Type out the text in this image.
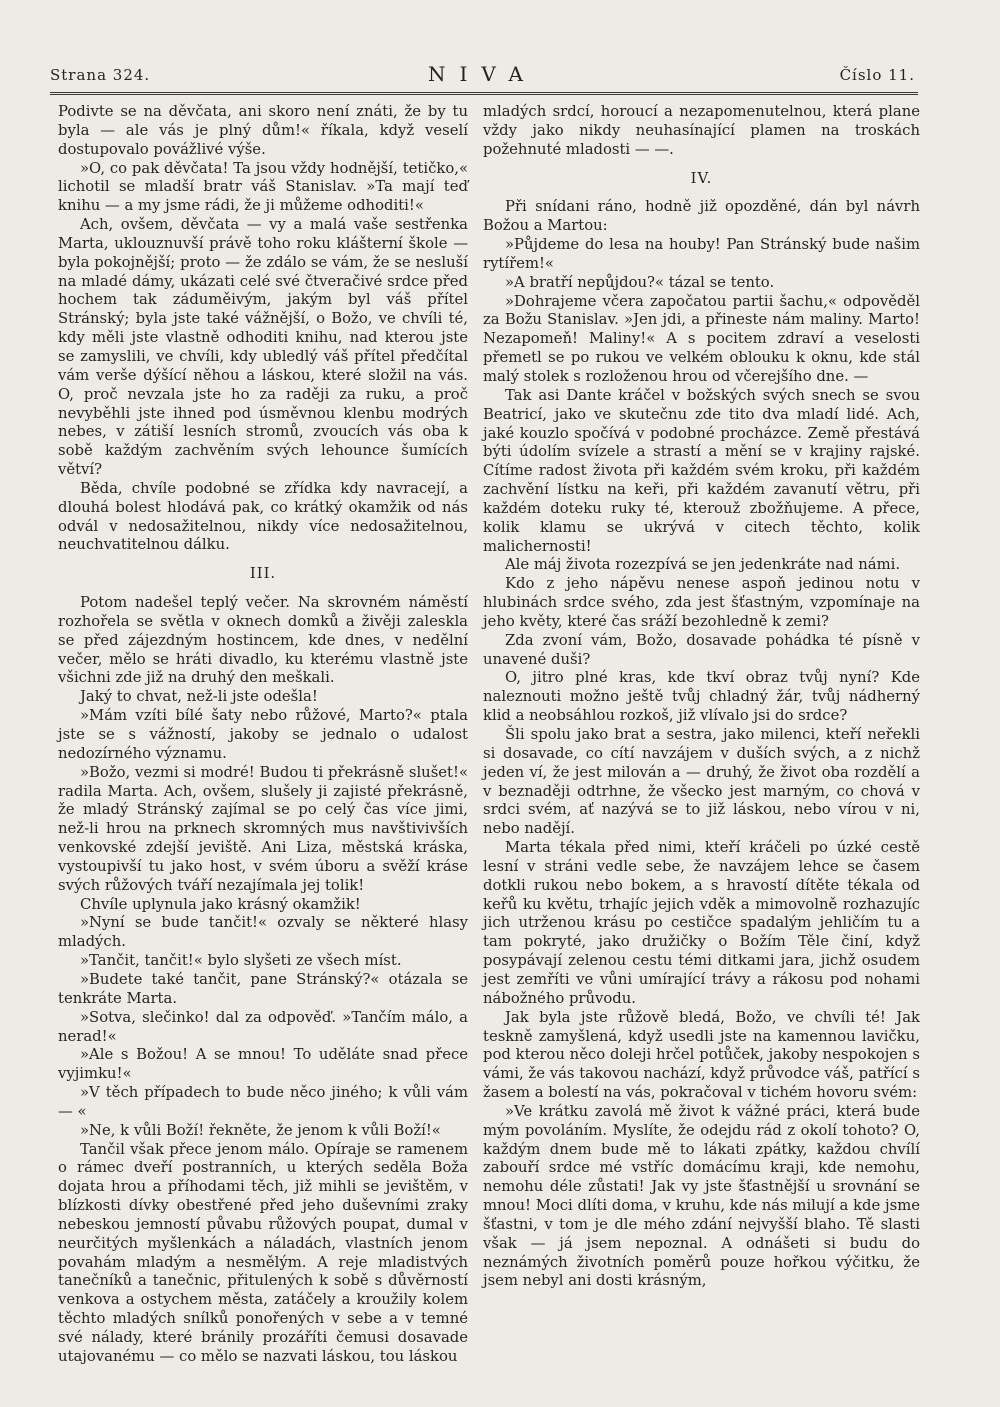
Strana 324.	NIVA	Číslo 11.

Podivte se na děvčata, ani skoro není znáti, že by tu byla — ale vás je plný dům!« říkala, když veselí dostupovalo povážlivé výše.

»O, co pak děvčata! Ta jsou vždy hodnější, tetičko,« lichotil se mladší bratr váš Stanislav. »Ta mají teď knihu — a my jsme rádi, že ji můžeme odhoditi!«

Ach, ovšem, děvčata — vy a malá vaše sestřenka Marta, uklouznuvší právě toho roku klášterní škole — byla pokojnější; proto — že zdálo se vám, že se nesluší na mladé dámy, ukázati celé své čtveračivé srdce před hochem tak záduměivým, jakým byl váš přítel Stránský; byla jste také vážnější, o Božo, ve chvíli té, kdy měli jste vlastně odhoditi knihu, nad kterou jste se zamyslili, ve chvíli, kdy ubledlý váš přítel předčítal vám verše dýšící něhou a láskou, které složil na vás. O, proč nevzala jste ho za raději za ruku, a proč nevyběhli jste ihned pod úsměvnou klenbu modrých nebes, v zátiší lesních stromů, zvoucích vás oba k sobě každým zachvěním svých lehounce šumících větví?

Běda, chvíle podobné se zřídka kdy navracejí, a dlouhá bolest hlodává pak, co krátký okamžik od nás odvál v nedosažitelnou, nikdy více nedosažitelnou, neuchvatitelnou dálku.

III.

Potom nadešel teplý večer. Na skrovném náměstí rozhořela se světla v oknech domků a živěji zaleskla se před zájezdným hostincem, kde dnes, v nedělní večer, mělo se hráti divadlo, ku kterému vlastně jste všichni zde již na druhý den meškali.

Jaký to chvat, než-li jste odešla!

»Mám vzíti bílé šaty nebo růžové, Marto?« ptala jste se s vážností, jakoby se jednalo o udalost nedozírného významu.

»Božo, vezmi si modré! Budou ti překrásně slušet!« radila Marta. Ach, ovšem, slušely ji zajisté překrásně, že mladý Stránský zajímal se po celý čas více jimi, než-li hrou na prknech skromných mus navštivivších venkovské zdejší jeviště. Ani Liza, městská kráska, vystoupivší tu jako host, v svém úboru a svěží kráse svých růžových tváří nezajímala jej tolik!

Chvíle uplynula jako krásný okamžik!

»Nyní se bude tančit!« ozvaly se některé hlasy mladých.

»Tančit, tančit!« bylo slyšeti ze všech míst.

»Budete také tančit, pane Stránský?« otázala se tenkráte Marta.

»Sotva, slečinko! dal za odpověď. »Tančím málo, a nerad!«

»Ale s Božou! A se mnou! To uděláte snad přece vyjimku!«

»V těch případech to bude něco jiného; k vůli vám — «

»Ne, k vůli Boží! řekněte, že jenom k vůli Boží!«

Tančil však přece jenom málo. Opíraje se ramenem o rámec dveří postranních, u kterých seděla Boža dojata hrou a příhodami těch, již mihli se jevištěm, v blízkosti dívky obestřené před jeho duševními zraky nebeskou jemností půvabu růžových poupat, dumal v neurčitých myšlenkách a náladách, vlastních jenom povahám mladým a nesmělým. A reje mladistvých tanečníků a tanečnic, přitulených k sobě s důvěrností venkova a ostychem města, zatáčely a kroužily kolem těchto mladých snílků ponořených v sebe a v temné své nálady, které bránily prozáříti čemusi dosavade utajovanému — co mělo se nazvati láskou, tou láskou

mladých srdcí, horoucí a nezapomenutelnou, která plane vždy jako nikdy neuhasínající plamen na troskách požehnuté mladosti — —.

IV.

Při snídani ráno, hodně již opozděné, dán byl návrh Božou a Martou:

»Půjdeme do lesa na houby! Pan Stránský bude našim rytířem!«

»A bratří nepůjdou?« tázal se tento.

»Dohrajeme včera započatou partii šachu,« odpověděl za Božu Stanislav. »Jen jdi, a přineste nám maliny. Marto! Nezapomeň! Maliny!« A s pocitem zdraví a veselosti přemetl se po rukou ve velkém oblouku k oknu, kde stál malý stolek s rozloženou hrou od včerejšího dne. —

Tak asi Dante kráčel v božských svých snech se svou Beatricí, jako ve skutečnu zde tito dva mladí lidé. Ach, jaké kouzlo spočívá v podobné procházce. Země přestává býti údolím svízele a strastí a mění se v krajiny rajské. Cítíme radost života při každém svém kroku, při každém zachvění lístku na keři, při každém zavanutí větru, při každém doteku ruky té, kterouž zbožňujeme. A přece, kolik klamu se ukrývá v citech těchto, kolik malichernosti!

Ale máj života rozezpívá se jen jedenkráte nad námi.

Kdo z jeho nápěvu nenese aspoň jedinou notu v hlubinách srdce svého, zda jest šťastným, vzpomínaje na jeho květy, které čas sráží bezohledně k zemi?

Zda zvoní vám, Božo, dosavade pohádka té písně v unavené duši?

O, jitro plné kras, kde tkví obraz tvůj nyní? Kde naleznouti možno ještě tvůj chladný žár, tvůj nádherný klid a neobsáhlou rozkoš, již vlívalo jsi do srdce?

Šli spolu jako brat a sestra, jako milenci, kteří neřekli si dosavade, co cítí navzájem v duších svých, a z nichž jeden ví, že jest milován a — druhý, že život oba rozdělí a v beznaději odtrhne, že všecko jest marným, co chová v srdci svém, ať nazývá se to již láskou, nebo vírou v ni, nebo nadějí.

Marta tékala před nimi, kteří kráčeli po úzké cestě lesní v stráni vedle sebe, že navzájem lehce se časem dotkli rukou nebo bokem, a s hravostí dítěte tékala od keřů ku květu, trhajíc jejich vděk a mimovolně rozhazujíc jich utrženou krásu po cestičce spadalým jehličím tu a tam pokryté, jako družičky o Božím Těle činí, když posypávají zelenou cestu témi ditkami jara, jichž osudem jest zemříti ve vůni umírající trávy a rákosu pod nohami nábožného průvodu.

Jak byla jste růžově bledá, Božo, ve chvíli té! Jak teskně zamyšlená, když usedli jste na kamennou lavičku, pod kterou něco doleji hrčel potůček, jakoby nespokojen s vámi, že vás takovou nachází, když průvodce váš, patřící s žasem a bolestí na vás, pokračoval v tichém hovoru svém:

»Ve krátku zavolá mě život k vážné práci, která bude mým povoláním. Myslíte, že odejdu rád z okolí tohoto? O, každým dnem bude mě to lákati zpátky, každou chvílí zabouří srdce mé vstříc domácímu kraji, kde nemohu, nemohu déle zůstati! Jak vy jste šťastnější u srovnání se mnou! Moci dlíti doma, v kruhu, kde nás milují a kde jsme šťastni, v tom je dle mého zdání nejvyšší blaho. Tě slasti však — já jsem nepoznal. A odnášeti si budu do neznámých životních poměrů pouze hořkou výčitku, že jsem nebyl ani dosti krásným,
